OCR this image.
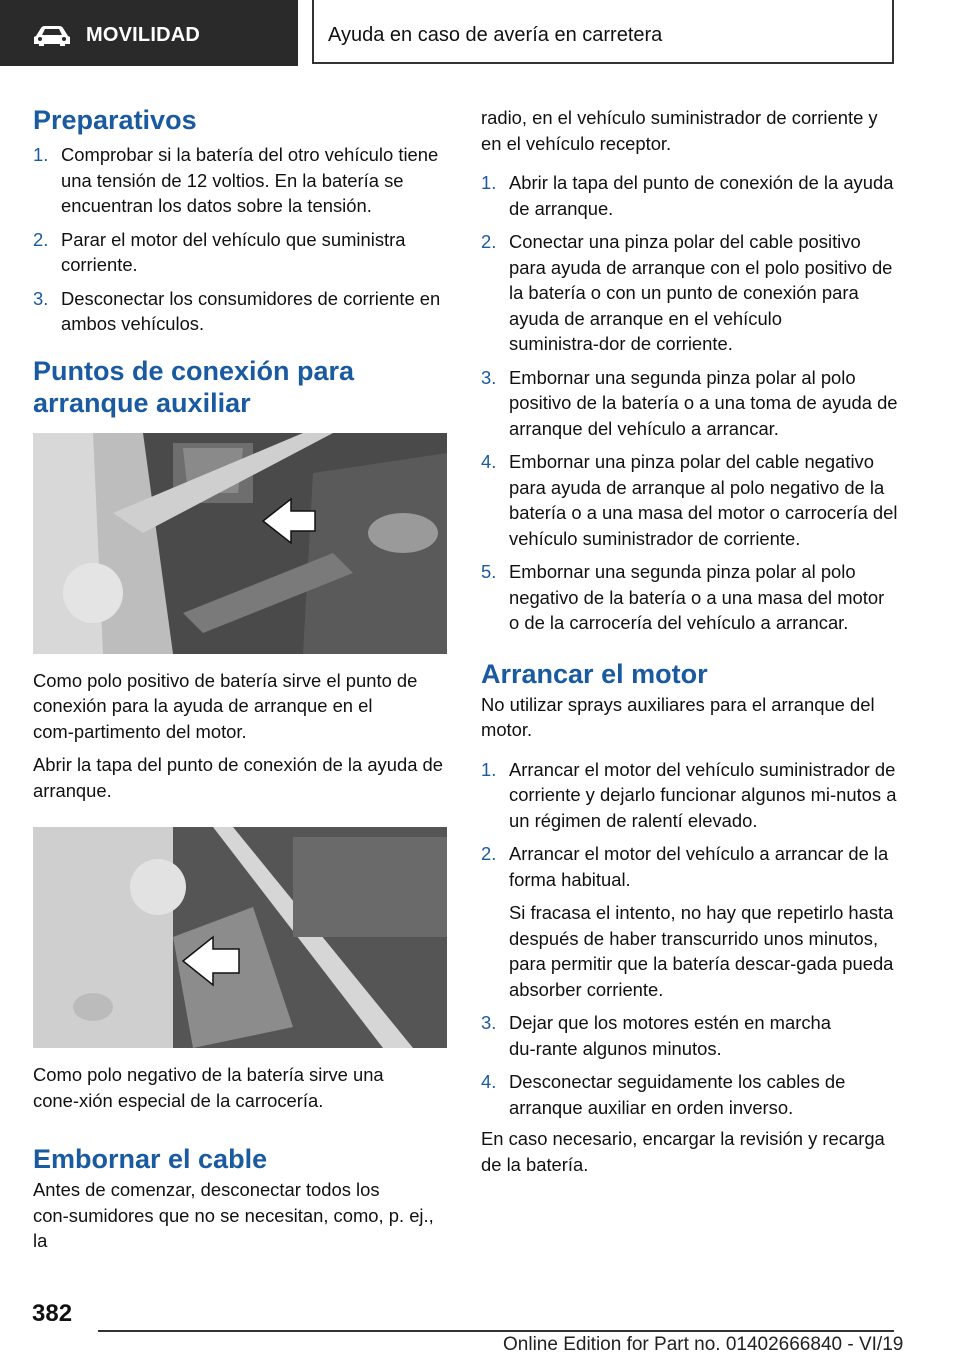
MOVILIDAD	Ayuda en caso de avería en carretera
Preparativos
1. Comprobar si la batería del otro vehículo tiene una tensión de 12 voltios. En la batería se encuentran los datos sobre la tensión.
2. Parar el motor del vehículo que suministra corriente.
3. Desconectar los consumidores de corriente en ambos vehículos.
Puntos de conexión para arranque auxiliar

Como polo positivo de batería sirve el punto de conexión para la ayuda de arranque en el com‑partimento del motor.

Abrir la tapa del punto de conexión de la ayuda de arranque.

Como polo negativo de la batería sirve una cone‑xión especial de la carrocería.

Embornar el cable

Antes de comenzar, desconectar todos los con‑sumidores que no se necesitan, como, p. ej., la

radio, en el vehículo suministrador de corriente y en el vehículo receptor.

1. Abrir la tapa del punto de conexión de la ayuda de arranque.
2. Conectar una pinza polar del cable positivo para ayuda de arranque con el polo positivo de la batería o con un punto de conexión para ayuda de arranque en el vehículo suministra‑dor de corriente.
3. Embornar una segunda pinza polar al polo positivo de la batería o a una toma de ayuda de arranque del vehículo a arrancar.
4. Embornar una pinza polar del cable negativo para ayuda de arranque al polo negativo de la batería o a una masa del motor o carrocería del vehículo suministrador de corriente.
5. Embornar una segunda pinza polar al polo negativo de la batería o a una masa del motor o de la carrocería del vehículo a arrancar.
Arrancar el motor

No utilizar sprays auxiliares para el arranque del motor.

1. Arrancar el motor del vehículo suministrador de corriente y dejarlo funcionar algunos mi‑nutos a un régimen de ralentí elevado.
2. Arrancar el motor del vehículo a arrancar de la forma habitual.

Si fracasa el intento, no hay que repetirlo hasta después de haber transcurrido unos minutos, para permitir que la batería descar‑gada pueda absorber corriente.

3. Dejar que los motores estén en marcha du‑rante algunos minutos.
4. Desconectar seguidamente los cables de arranque auxiliar en orden inverso.

En caso necesario, encargar la revisión y recarga de la batería.

382
Online Edition for Part no. 01402666840 - VI/19
